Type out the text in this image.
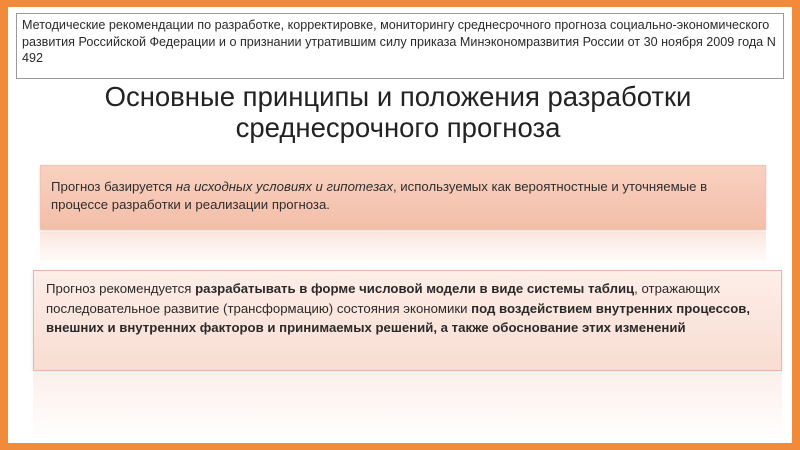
Методические рекомендации по разработке, корректировке, мониторингу среднесрочного прогноза социально-экономического развития Российской Федерации и о признании утратившим силу приказа Минэкономразвития России от 30 ноября 2009 года N 492
Основные принципы и положения разработки среднесрочного прогноза
Прогноз базируется на исходных условиях и гипотезах, используемых как вероятностные и уточняемые в процессе разработки и реализации прогноза.
Прогноз рекомендуется разрабатывать в форме числовой модели в виде системы таблиц, отражающих последовательное развитие (трансформацию) состояния экономики под воздействием внутренних процессов, внешних и внутренних факторов и принимаемых решений, а также обоснование этих изменений
